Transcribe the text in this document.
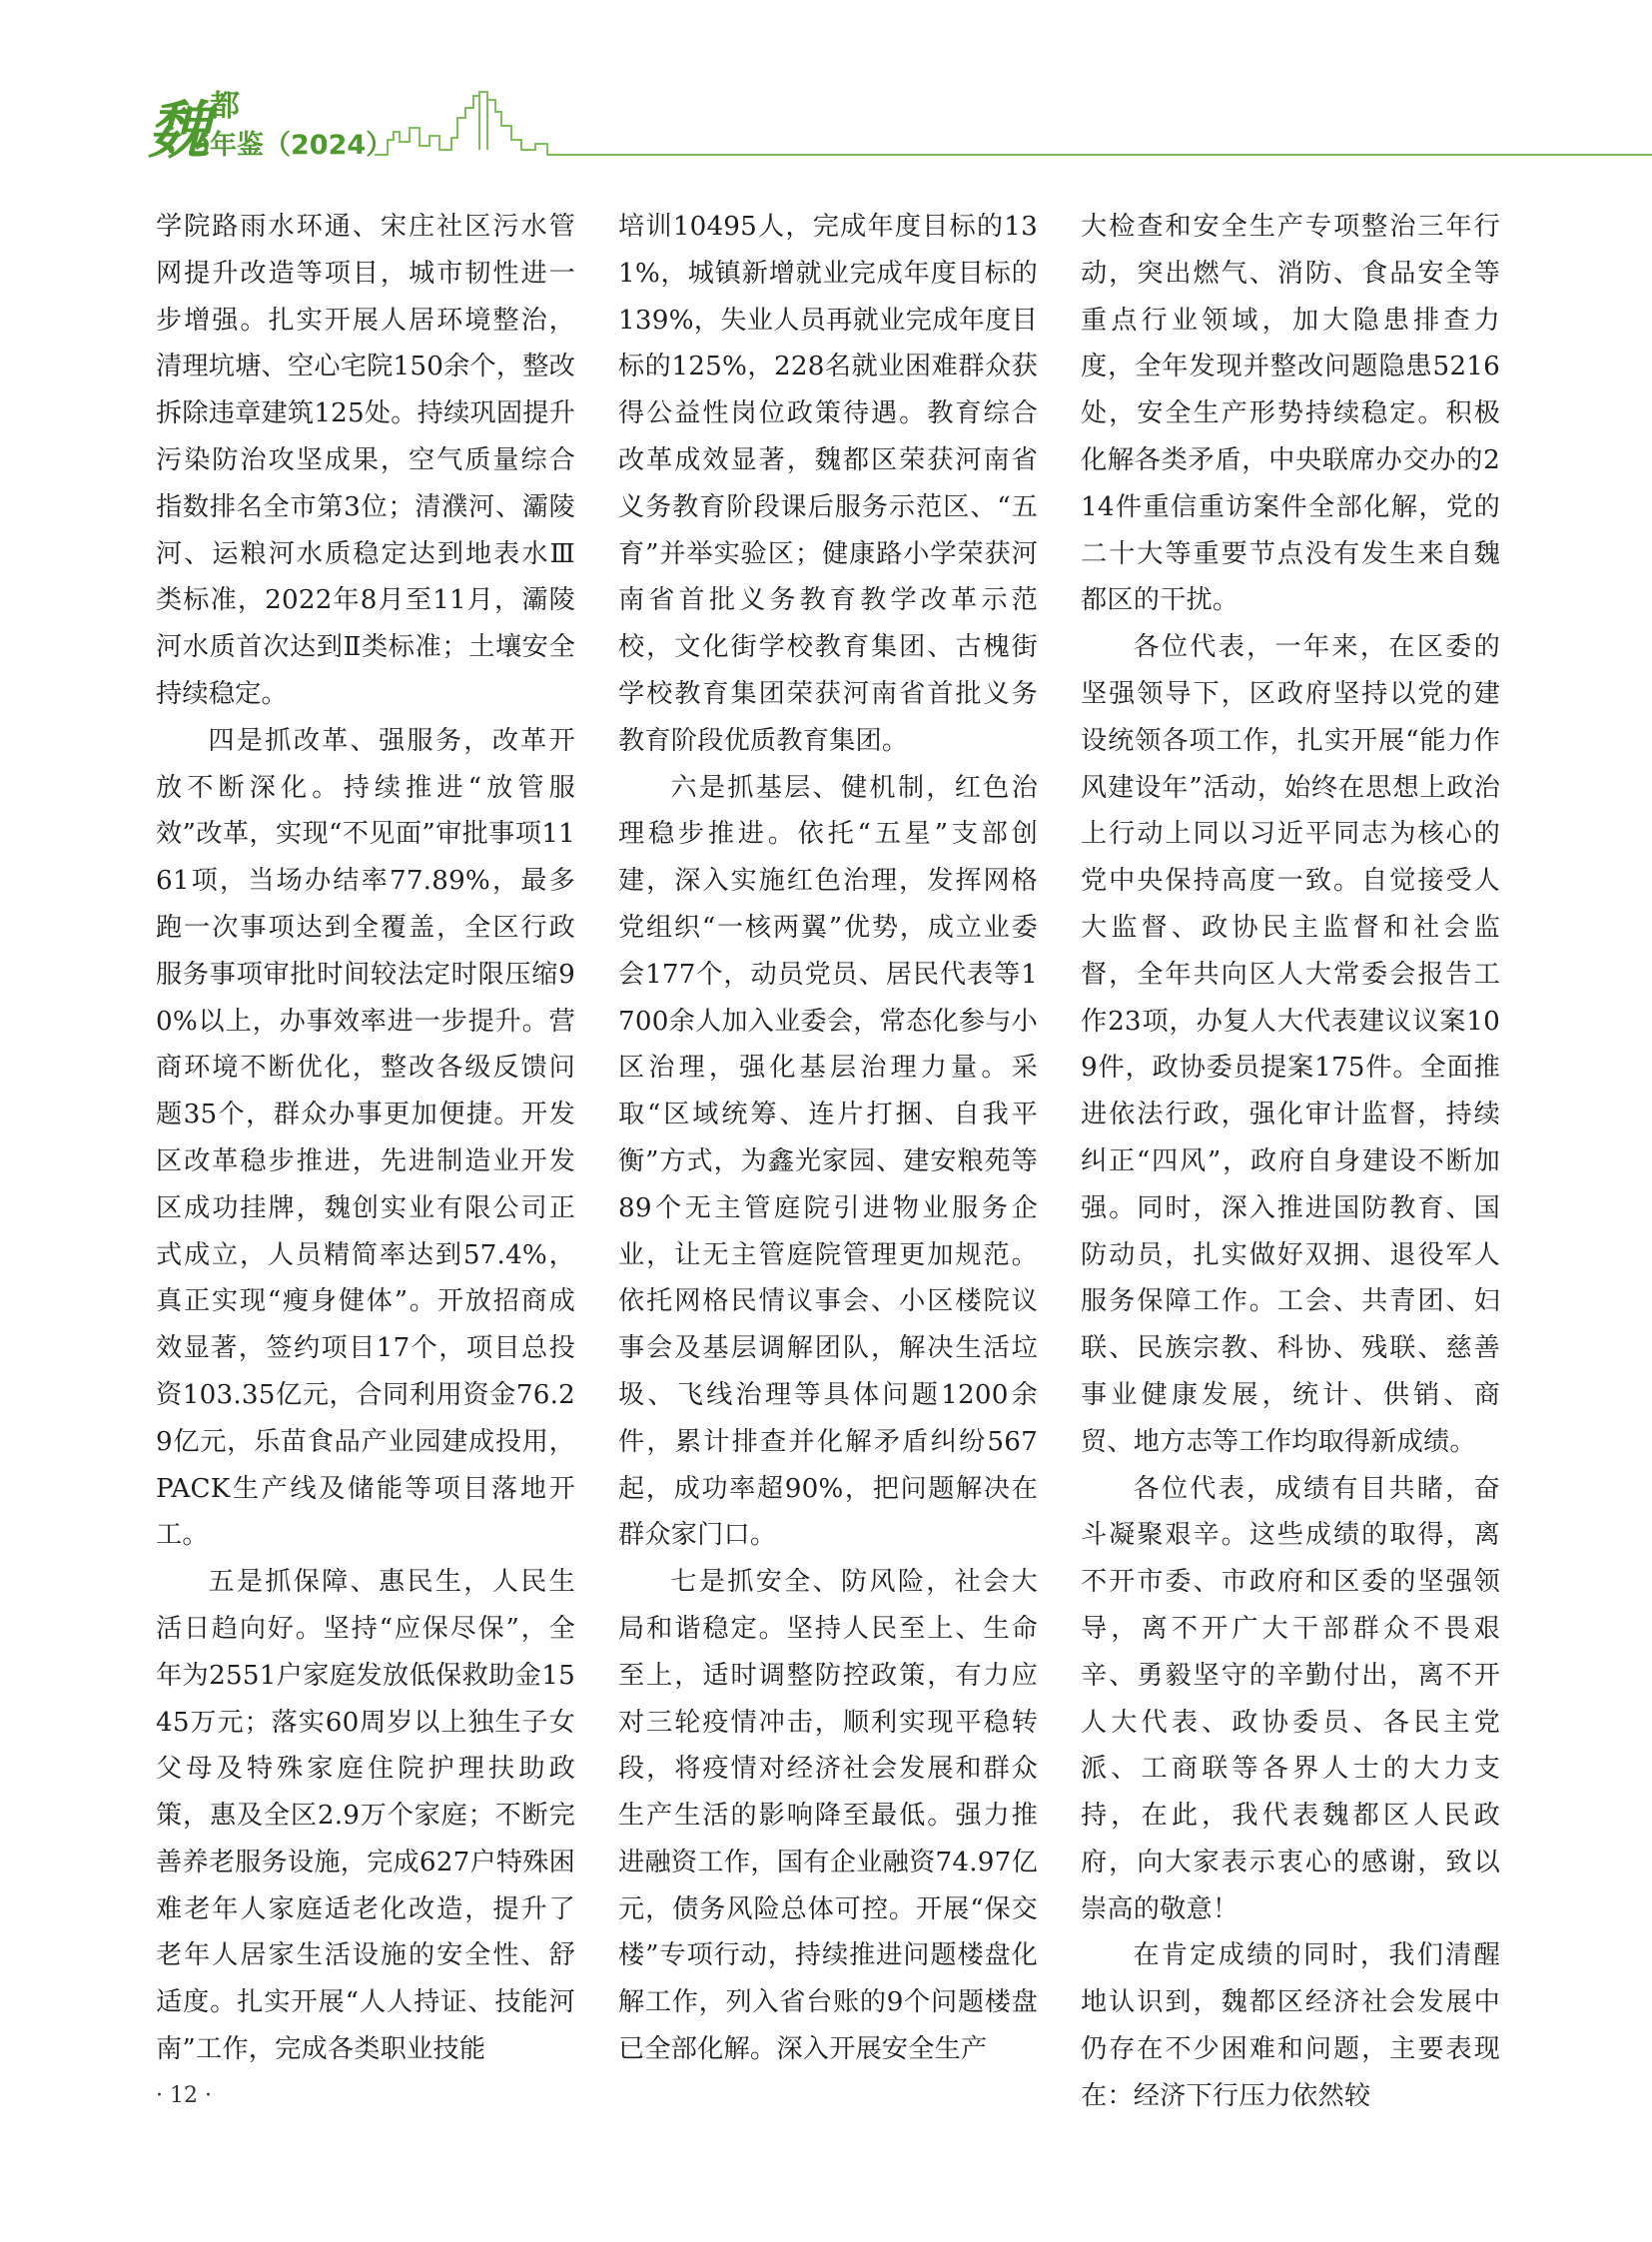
魏 都
年鉴（2024）

学院路雨水环通、宋庄社区污水管网提升改造等项目，城市韧性进一步增强。扎实开展人居环境整治，清理坑塘、空心宅院150余个，整改拆除违章建筑125处。持续巩固提升污染防治攻坚成果，空气质量综合指数排名全市第3位；清濮河、灞陵河、运粮河水质稳定达到地表水Ⅲ类标准，2022年8月至11月，灞陵河水质首次达到Ⅱ类标准；土壤安全持续稳定。

四是抓改革、强服务，改革开放不断深化。持续推进“放管服效”改革，实现“不见面”审批事项1161项，当场办结率77.89%，最多跑一次事项达到全覆盖，全区行政服务事项审批时间较法定时限压缩90%以上，办事效率进一步提升。营商环境不断优化，整改各级反馈问题35个，群众办事更加便捷。开发区改革稳步推进，先进制造业开发区成功挂牌，魏创实业有限公司正式成立，人员精简率达到57.4%，真正实现“瘦身健体”。开放招商成效显著，签约项目17个，项目总投资103.35亿元，合同利用资金76.29亿元，乐苗食品产业园建成投用，PACK生产线及储能等项目落地开工。

五是抓保障、惠民生，人民生活日趋向好。坚持“应保尽保”，全年为2551户家庭发放低保救助金1545万元；落实60周岁以上独生子女父母及特殊家庭住院护理扶助政策，惠及全区2.9万个家庭；不断完善养老服务设施，完成627户特殊困难老年人家庭适老化改造，提升了老年人居家生活设施的安全性、舒适度。扎实开展“人人持证、技能河南”工作，完成各类职业技能

培训10495人，完成年度目标的131%，城镇新增就业完成年度目标的139%，失业人员再就业完成年度目标的125%，228名就业困难群众获得公益性岗位政策待遇。教育综合改革成效显著，魏都区荣获河南省义务教育阶段课后服务示范区、“五育”并举实验区；健康路小学荣获河南省首批义务教育教学改革示范校，文化街学校教育集团、古槐街学校教育集团荣获河南省首批义务教育阶段优质教育集团。

六是抓基层、健机制，红色治理稳步推进。依托“五星”支部创建，深入实施红色治理，发挥网格党组织“一核两翼”优势，成立业委会177个，动员党员、居民代表等1700余人加入业委会，常态化参与小区治理，强化基层治理力量。采取“区域统筹、连片打捆、自我平衡”方式，为鑫光家园、建安粮苑等89个无主管庭院引进物业服务企业，让无主管庭院管理更加规范。依托网格民情议事会、小区楼院议事会及基层调解团队，解决生活垃圾、飞线治理等具体问题1200余件，累计排查并化解矛盾纠纷567起，成功率超90%，把问题解决在群众家门口。

七是抓安全、防风险，社会大局和谐稳定。坚持人民至上、生命至上，适时调整防控政策，有力应对三轮疫情冲击，顺利实现平稳转段，将疫情对经济社会发展和群众生产生活的影响降至最低。强力推进融资工作，国有企业融资74.97亿元，债务风险总体可控。开展“保交楼”专项行动，持续推进问题楼盘化解工作，列入省台账的9个问题楼盘已全部化解。深入开展安全生产

大检查和安全生产专项整治三年行动，突出燃气、消防、食品安全等重点行业领域，加大隐患排查力度，全年发现并整改问题隐患5216处，安全生产形势持续稳定。积极化解各类矛盾，中央联席办交办的214件重信重访案件全部化解，党的二十大等重要节点没有发生来自魏都区的干扰。

各位代表，一年来，在区委的坚强领导下，区政府坚持以党的建设统领各项工作，扎实开展“能力作风建设年”活动，始终在思想上政治上行动上同以习近平同志为核心的党中央保持高度一致。自觉接受人大监督、政协民主监督和社会监督，全年共向区人大常委会报告工作23项，办复人大代表建议议案109件，政协委员提案175件。全面推进依法行政，强化审计监督，持续纠正“四风”，政府自身建设不断加强。同时，深入推进国防教育、国防动员，扎实做好双拥、退役军人服务保障工作。工会、共青团、妇联、民族宗教、科协、残联、慈善事业健康发展，统计、供销、商贸、地方志等工作均取得新成绩。

各位代表，成绩有目共睹，奋斗凝聚艰辛。这些成绩的取得，离不开市委、市政府和区委的坚强领导，离不开广大干部群众不畏艰辛、勇毅坚守的辛勤付出，离不开人大代表、政协委员、各民主党派、工商联等各界人士的大力支持，在此，我代表魏都区人民政府，向大家表示衷心的感谢，致以崇高的敬意！

在肯定成绩的同时，我们清醒地认识到，魏都区经济社会发展中仍存在不少困难和问题，主要表现在：经济下行压力依然较

· 12 ·
